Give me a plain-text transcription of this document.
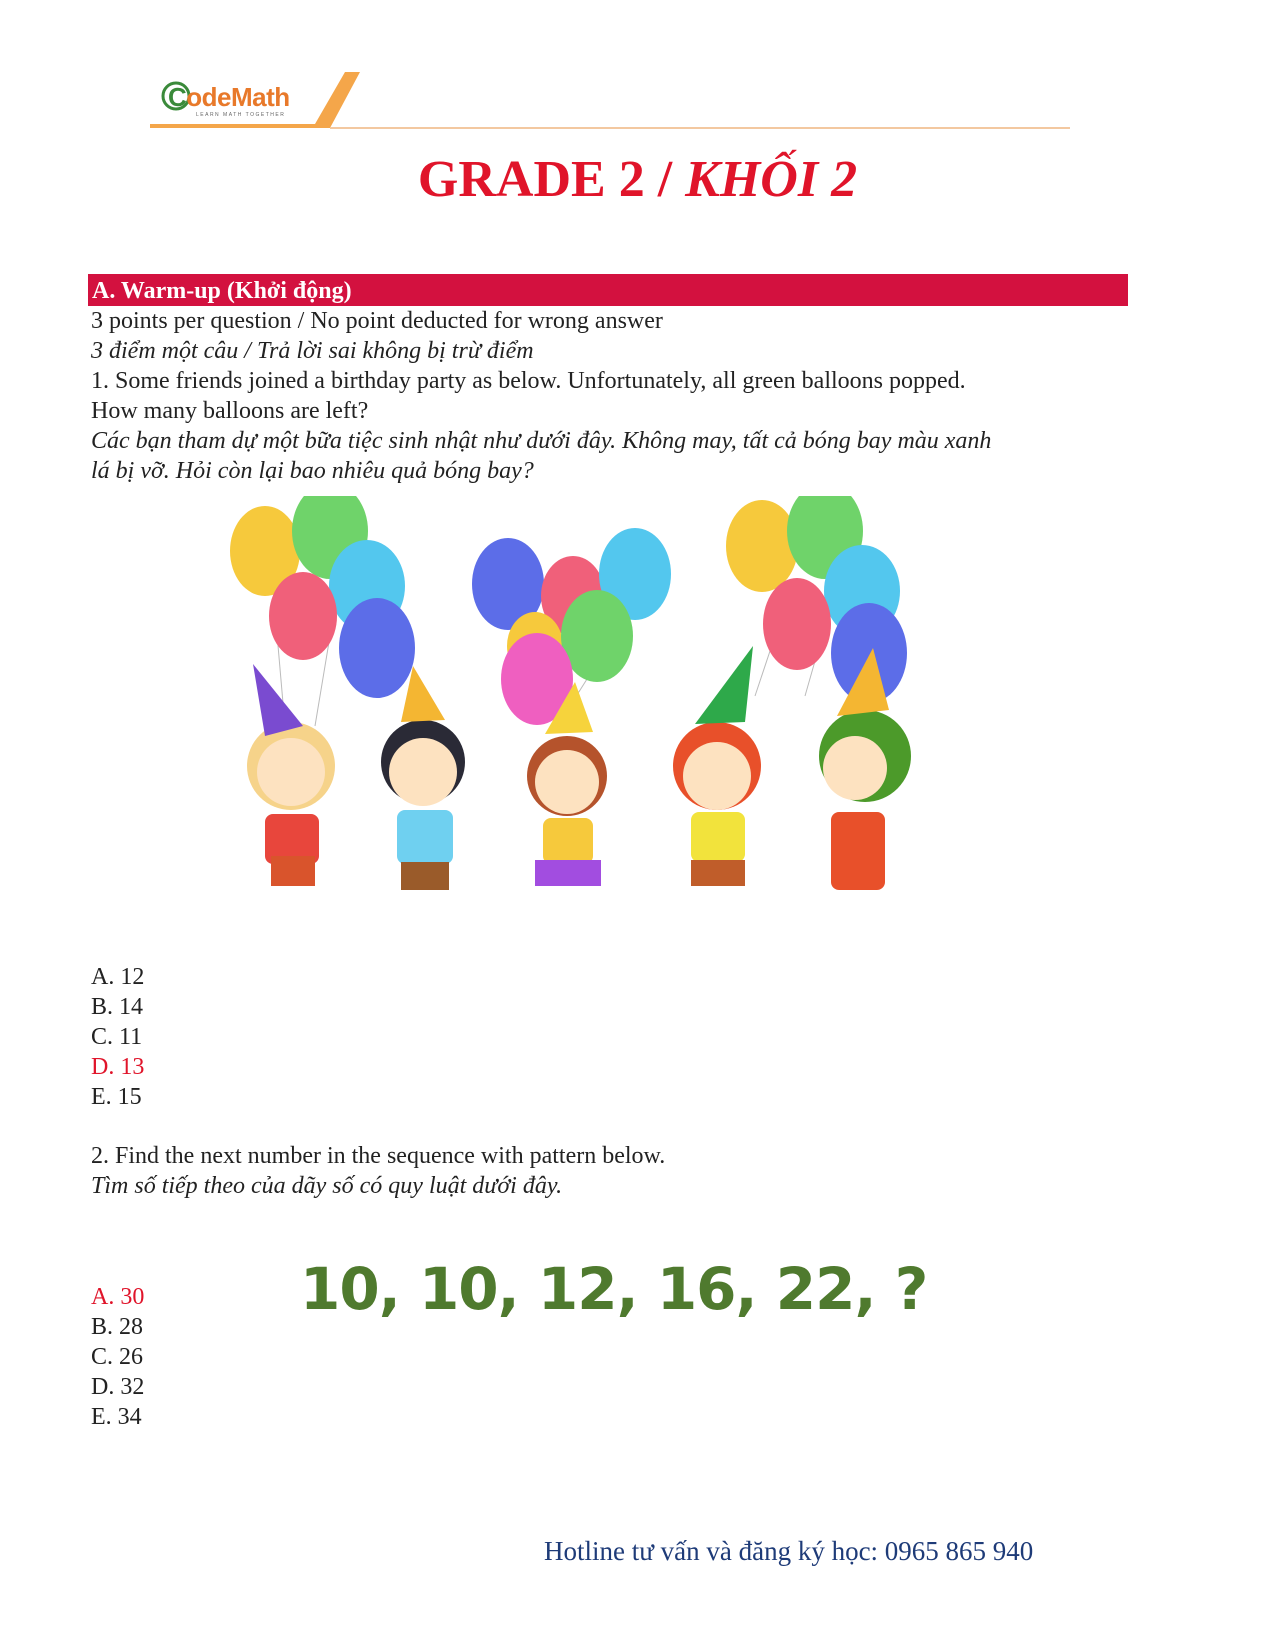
CodeMath
LEARN MATH TOGETHER
GRADE 2 / KHỐI 2
A. Warm-up (Khởi động)
3 points per question / No point deducted for wrong answer
3 điểm một câu / Trả lời sai không bị trừ điểm
1. Some friends joined a birthday party as below. Unfortunately, all green balloons popped.
How many balloons are left?
Các bạn tham dự một bữa tiệc sinh nhật như dưới đây. Không may, tất cả bóng bay màu xanh
lá bị vỡ. Hỏi còn lại bao nhiêu quả bóng bay?
A. 12
B. 14
C. 11
D. 13
E. 15
2. Find the next number in the sequence with pattern below.
Tìm số tiếp theo của dãy số có quy luật dưới đây.
10, 10, 12, 16, 22, ?
A. 30
B. 28
C. 26
D. 32
E. 34
Hotline tư vấn và đăng ký học: 0965 865 940
